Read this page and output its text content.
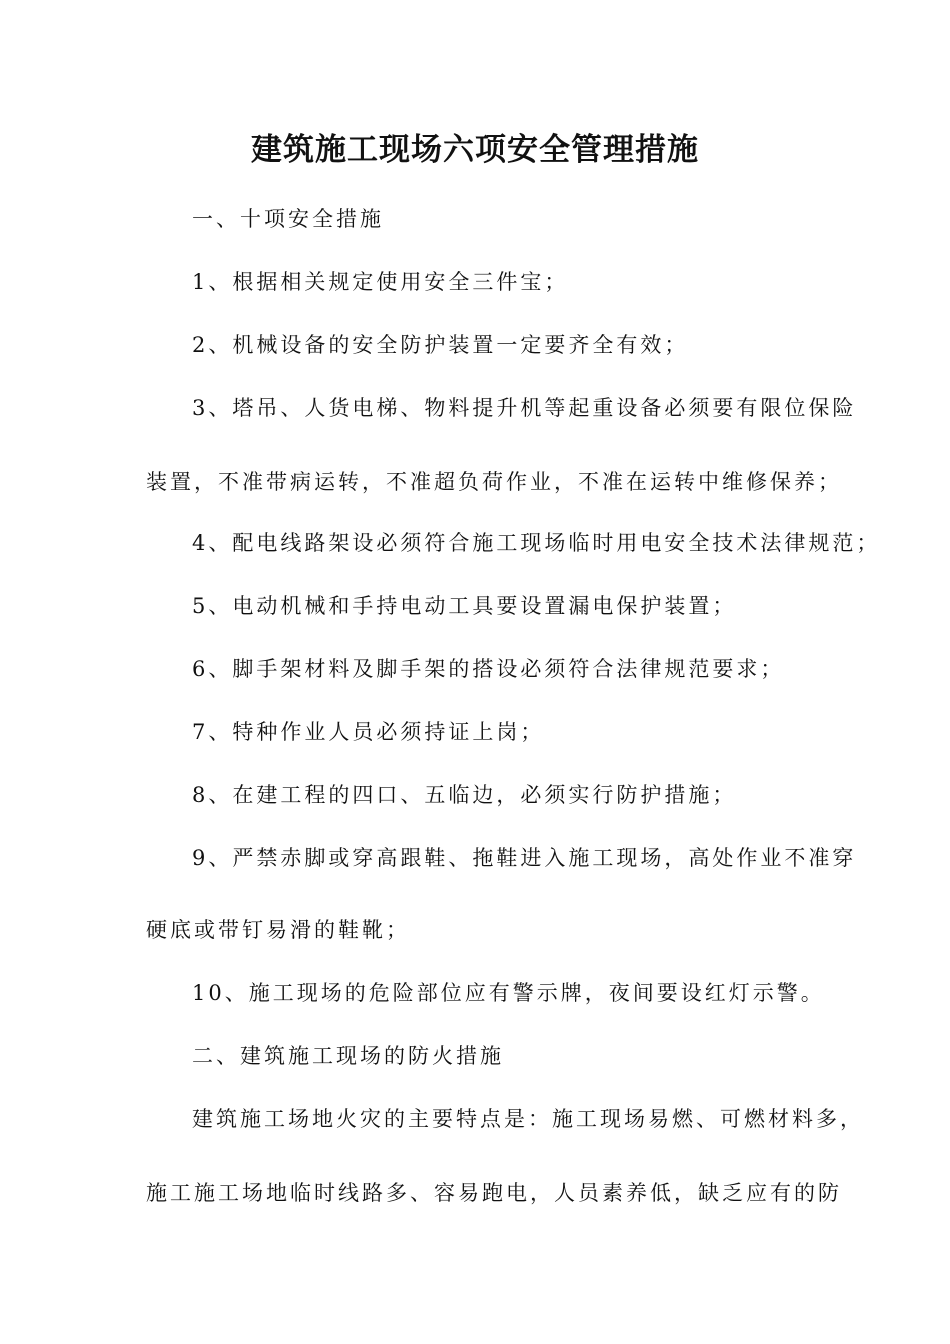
建筑施工现场六项安全管理措施
一、十项安全措施
1、根据相关规定使用安全三件宝；
2、机械设备的安全防护装置一定要齐全有效；
3、塔吊、人货电梯、物料提升机等起重设备必须要有限位保险
装置，不准带病运转，不准超负荷作业，不准在运转中维修保养；
4、配电线路架设必须符合施工现场临时用电安全技术法律规范；
5、电动机械和手持电动工具要设置漏电保护装置；
6、脚手架材料及脚手架的搭设必须符合法律规范要求；
7、特种作业人员必须持证上岗；
8、在建工程的四口、五临边，必须实行防护措施；
9、严禁赤脚或穿高跟鞋、拖鞋进入施工现场，高处作业不准穿
硬底或带钉易滑的鞋靴；
10、施工现场的危险部位应有警示牌，夜间要设红灯示警。
二、建筑施工现场的防火措施
建筑施工场地火灾的主要特点是：施工现场易燃、可燃材料多，
施工施工场地临时线路多、容易跑电，人员素养低，缺乏应有的防
